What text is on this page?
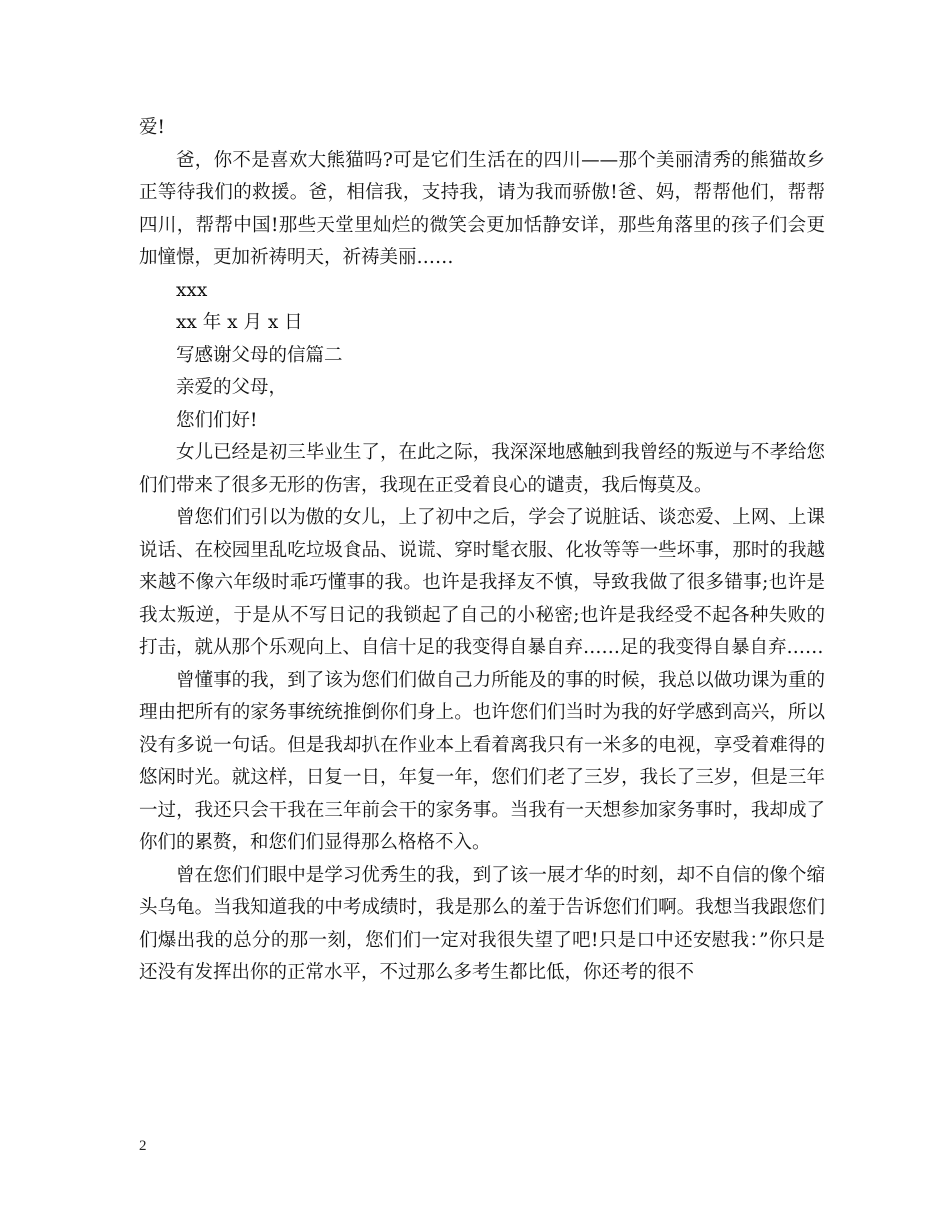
爱!

爸，你不是喜欢大熊猫吗?可是它们生活在的四川——那个美丽清秀的熊猫故乡正等待我们的救援。爸，相信我，支持我，请为我而骄傲!爸、妈，帮帮他们，帮帮四川，帮帮中国!那些天堂里灿烂的微笑会更加恬静安详，那些角落里的孩子们会更加憧憬，更加祈祷明天，祈祷美丽……

xxx

xx 年 x 月 x 日

写感谢父母的信篇二

亲爱的父母，

您们们好!

女儿已经是初三毕业生了，在此之际，我深深地感触到我曾经的叛逆与不孝给您们们带来了很多无形的伤害，我现在正受着良心的谴责，我后悔莫及。

曾您们们引以为傲的女儿，上了初中之后，学会了说脏话、谈恋爱、上网、上课说话、在校园里乱吃垃圾食品、说谎、穿时髦衣服、化妆等等一些坏事，那时的我越来越不像六年级时乖巧懂事的我。也许是我择友不慎，导致我做了很多错事;也许是我太叛逆，于是从不写日记的我锁起了自己的小秘密;也许是我经受不起各种失败的打击，就从那个乐观向上、自信十足的我变得自暴自弃……足的我变得自暴自弃……

曾懂事的我，到了该为您们们做自己力所能及的事的时候，我总以做功课为重的理由把所有的家务事统统推倒你们身上。也许您们们当时为我的好学感到高兴，所以没有多说一句话。但是我却扒在作业本上看着离我只有一米多的电视，享受着难得的悠闲时光。就这样，日复一日，年复一年，您们们老了三岁，我长了三岁，但是三年一过，我还只会干我在三年前会干的家务事。当我有一天想参加家务事时，我却成了你们的累赘，和您们们显得那么格格不入。

曾在您们们眼中是学习优秀生的我，到了该一展才华的时刻，却不自信的像个缩头乌龟。当我知道我的中考成绩时，我是那么的羞于告诉您们们啊。我想当我跟您们们爆出我的总分的那一刻，您们们一定对我很失望了吧!只是口中还安慰我：”你只是还没有发挥出你的正常水平，不过那么多考生都比低，你还考的很不

2
